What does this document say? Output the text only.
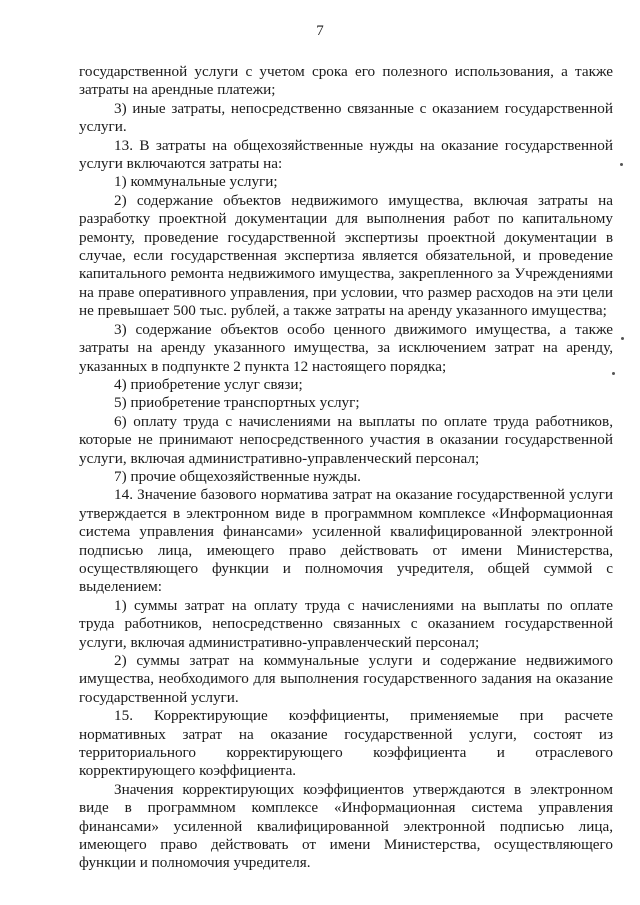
7

государственной услуги с учетом срока его полезного использования, а также затраты на арендные платежи;

3) иные затраты, непосредственно связанные с оказанием государственной услуги.

13. В затраты на общехозяйственные нужды на оказание государственной услуги включаются затраты на:

1) коммунальные услуги;

2) содержание объектов недвижимого имущества, включая затраты на разработку проектной документации для выполнения работ по капитальному ремонту, проведение государственной экспертизы проектной документации в случае, если государственная экспертиза является обязательной, и проведение капитального ремонта недвижимого имущества, закрепленного за Учреждениями на праве оперативного управления, при условии, что размер расходов на эти цели не превышает 500 тыс. рублей, а также затраты на аренду указанного имущества;

3) содержание объектов особо ценного движимого имущества, а также затраты на аренду указанного имущества, за исключением затрат на аренду, указанных в подпункте 2 пункта 12 настоящего порядка;

4) приобретение услуг связи;

5) приобретение транспортных услуг;

6) оплату труда с начислениями на выплаты по оплате труда работников, которые не принимают непосредственного участия в оказании государственной услуги, включая административно-управленческий персонал;

7) прочие общехозяйственные нужды.

14. Значение базового норматива затрат на оказание государственной услуги утверждается в электронном виде в программном комплексе «Информационная система управления финансами» усиленной квалифицированной электронной подписью лица, имеющего право действовать от имени Министерства, осуществляющего функции и полномочия учредителя, общей суммой с выделением:

1) суммы затрат на оплату труда с начислениями на выплаты по оплате труда работников, непосредственно связанных с оказанием государственной услуги, включая административно-управленческий персонал;

2) суммы затрат на коммунальные услуги и содержание недвижимого имущества, необходимого для выполнения государственного задания на оказание государственной услуги.

15. Корректирующие коэффициенты, применяемые при расчете нормативных затрат на оказание государственной услуги, состоят из территориального корректирующего коэффициента и отраслевого корректирующего коэффициента.

Значения корректирующих коэффициентов утверждаются в электронном виде в программном комплексе «Информационная система управления финансами» усиленной квалифицированной электронной подписью лица, имеющего право действовать от имени Министерства, осуществляющего функции и полномочия учредителя.
